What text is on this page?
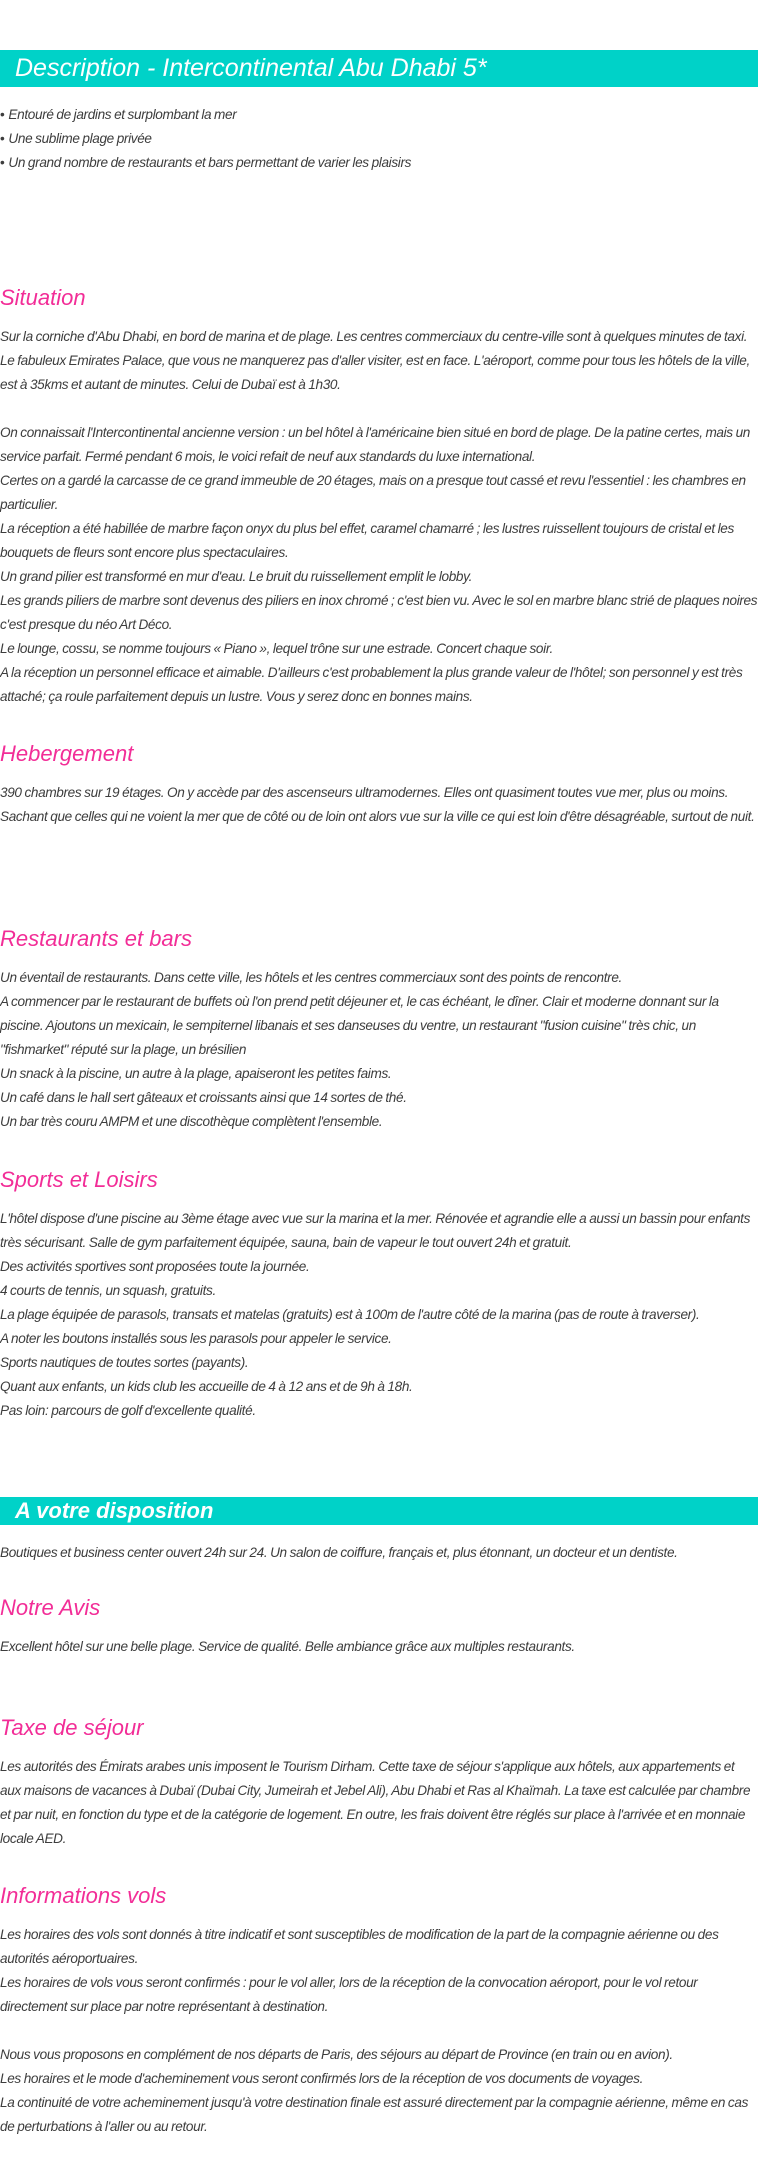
Description - Intercontinental Abu Dhabi 5*
• Entouré de jardins et surplombant la mer
• Une sublime plage privée
• Un grand nombre de restaurants et bars permettant de varier les plaisirs
Situation

Sur la corniche d'Abu Dhabi, en bord de marina et de plage. Les centres commerciaux du centre-ville sont à quelques minutes de taxi. Le fabuleux Emirates Palace, que vous ne manquerez pas d'aller visiter, est en face. L'aéroport, comme pour tous les hôtels de la ville, est à 35kms et autant de minutes. Celui de Dubaï est à 1h30.

On connaissait l'Intercontinental ancienne version : un bel hôtel à l'américaine bien situé en bord de plage. De la patine certes, mais un service parfait. Fermé pendant 6 mois, le voici refait de neuf aux standards du luxe international.

Certes on a gardé la carcasse de ce grand immeuble de 20 étages, mais on a presque tout cassé et revu l'essentiel : les chambres en particulier.

La réception a été habillée de marbre façon onyx du plus bel effet, caramel chamarré ; les lustres ruissellent toujours de cristal et les bouquets de fleurs sont encore plus spectaculaires.

Un grand pilier est transformé en mur d'eau. Le bruit du ruissellement emplit le lobby.

Les grands piliers de marbre sont devenus des piliers en inox chromé ; c'est bien vu. Avec le sol en marbre blanc strié de plaques noires c'est presque du néo Art Déco.

Le lounge, cossu, se nomme toujours « Piano », lequel trône sur une estrade. Concert chaque soir.

A la réception un personnel efficace et aimable. D'ailleurs c'est probablement la plus grande valeur de l'hôtel; son personnel y est très attaché; ça roule parfaitement depuis un lustre. Vous y serez donc en bonnes mains.

Hebergement

390 chambres sur 19 étages. On y accède par des ascenseurs ultramodernes. Elles ont quasiment toutes vue mer, plus ou moins. Sachant que celles qui ne voient la mer que de côté ou de loin ont alors vue sur la ville ce qui est loin d'être désagréable, surtout de nuit.

Restaurants et bars

Un éventail de restaurants. Dans cette ville, les hôtels et les centres commerciaux sont des points de rencontre.

A commencer par le restaurant de buffets où l'on prend petit déjeuner et, le cas échéant, le dîner. Clair et moderne donnant sur la piscine. Ajoutons un mexicain, le sempiternel libanais et ses danseuses du ventre, un restaurant "fusion cuisine" très chic, un "fishmarket" réputé sur la plage, un brésilien

Un snack à la piscine, un autre à la plage, apaiseront les petites faims.

Un café dans le hall sert gâteaux et croissants ainsi que 14 sortes de thé.

Un bar très couru AMPM et une discothèque complètent l'ensemble.

Sports et Loisirs

L'hôtel dispose d'une piscine au 3ème étage avec vue sur la marina et la mer. Rénovée et agrandie elle a aussi un bassin pour enfants très sécurisant. Salle de gym parfaitement équipée, sauna, bain de vapeur le tout ouvert 24h et gratuit.

Des activités sportives sont proposées toute la journée.

4 courts de tennis, un squash, gratuits.

La plage équipée de parasols, transats et matelas (gratuits) est à 100m de l'autre côté de la marina (pas de route à traverser).

A noter les boutons installés sous les parasols pour appeler le service.

Sports nautiques de toutes sortes (payants).

Quant aux enfants, un kids club les accueille de 4 à 12 ans et de 9h à 18h.

Pas loin: parcours de golf d'excellente qualité.

A votre disposition

Boutiques et business center ouvert 24h sur 24. Un salon de coiffure, français et, plus étonnant, un docteur et un dentiste.

Notre Avis

Excellent hôtel sur une belle plage. Service de qualité. Belle ambiance grâce aux multiples restaurants.

Taxe de séjour

Les autorités des Émirats arabes unis imposent le Tourism Dirham. Cette taxe de séjour s'applique aux hôtels, aux appartements et aux maisons de vacances à Dubaï (Dubai City, Jumeirah et Jebel Ali), Abu Dhabi et Ras al Khaïmah. La taxe est calculée par chambre et par nuit, en fonction du type et de la catégorie de logement. En outre, les frais doivent être réglés sur place à l'arrivée et en monnaie locale AED.

Informations vols

Les horaires des vols sont donnés à titre indicatif et sont susceptibles de modification de la part de la compagnie aérienne ou des autorités aéroportuaires.

Les horaires de vols vous seront confirmés : pour le vol aller, lors de la réception de la convocation aéroport, pour le vol retour directement sur place par notre représentant à destination.

Nous vous proposons en complément de nos départs de Paris, des séjours au départ de Province (en train ou en avion).

Les horaires et le mode d'acheminement vous seront confirmés lors de la réception de vos documents de voyages.

La continuité de votre acheminement jusqu'à votre destination finale est assuré directement par la compagnie aérienne, même en cas de perturbations à l'aller ou au retour.
